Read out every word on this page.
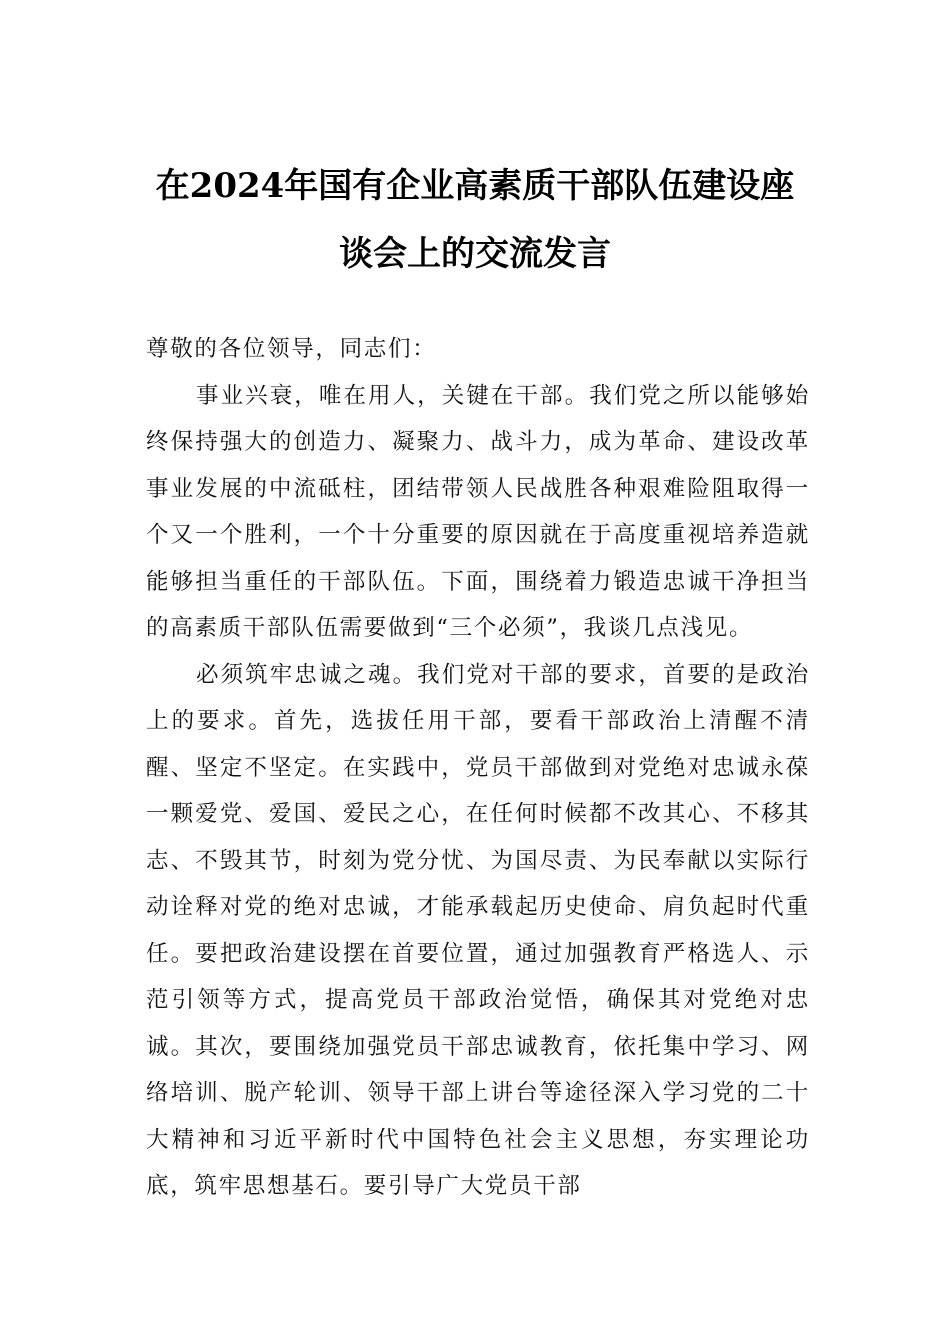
在2024年国有企业高素质干部队伍建设座
谈会上的交流发言

尊敬的各位领导，同志们：

事业兴衰，唯在用人，关键在干部。我们党之所以能够始终保持强大的创造力、凝聚力、战斗力，成为革命、建设改革事业发展的中流砥柱，团结带领人民战胜各种艰难险阻取得一个又一个胜利，一个十分重要的原因就在于高度重视培养造就能够担当重任的干部队伍。下面，围绕着力锻造忠诚干净担当的高素质干部队伍需要做到“三个必须”，我谈几点浅见。

必须筑牢忠诚之魂。我们党对干部的要求，首要的是政治上的要求。首先，选拔任用干部，要看干部政治上清醒不清醒、坚定不坚定。在实践中，党员干部做到对党绝对忠诚永葆一颗爱党、爱国、爱民之心，在任何时候都不改其心、不移其志、不毁其节，时刻为党分忧、为国尽责、为民奉献以实际行动诠释对党的绝对忠诚，才能承载起历史使命、肩负起时代重任。要把政治建设摆在首要位置，通过加强教育严格选人、示范引领等方式，提高党员干部政治觉悟，确保其对党绝对忠诚。其次，要围绕加强党员干部忠诚教育，依托集中学习、网络培训、脱产轮训、领导干部上讲台等途径深入学习党的二十大精神和习近平新时代中国特色社会主义思想，夯实理论功底，筑牢思想基石。要引导广大党员干部
